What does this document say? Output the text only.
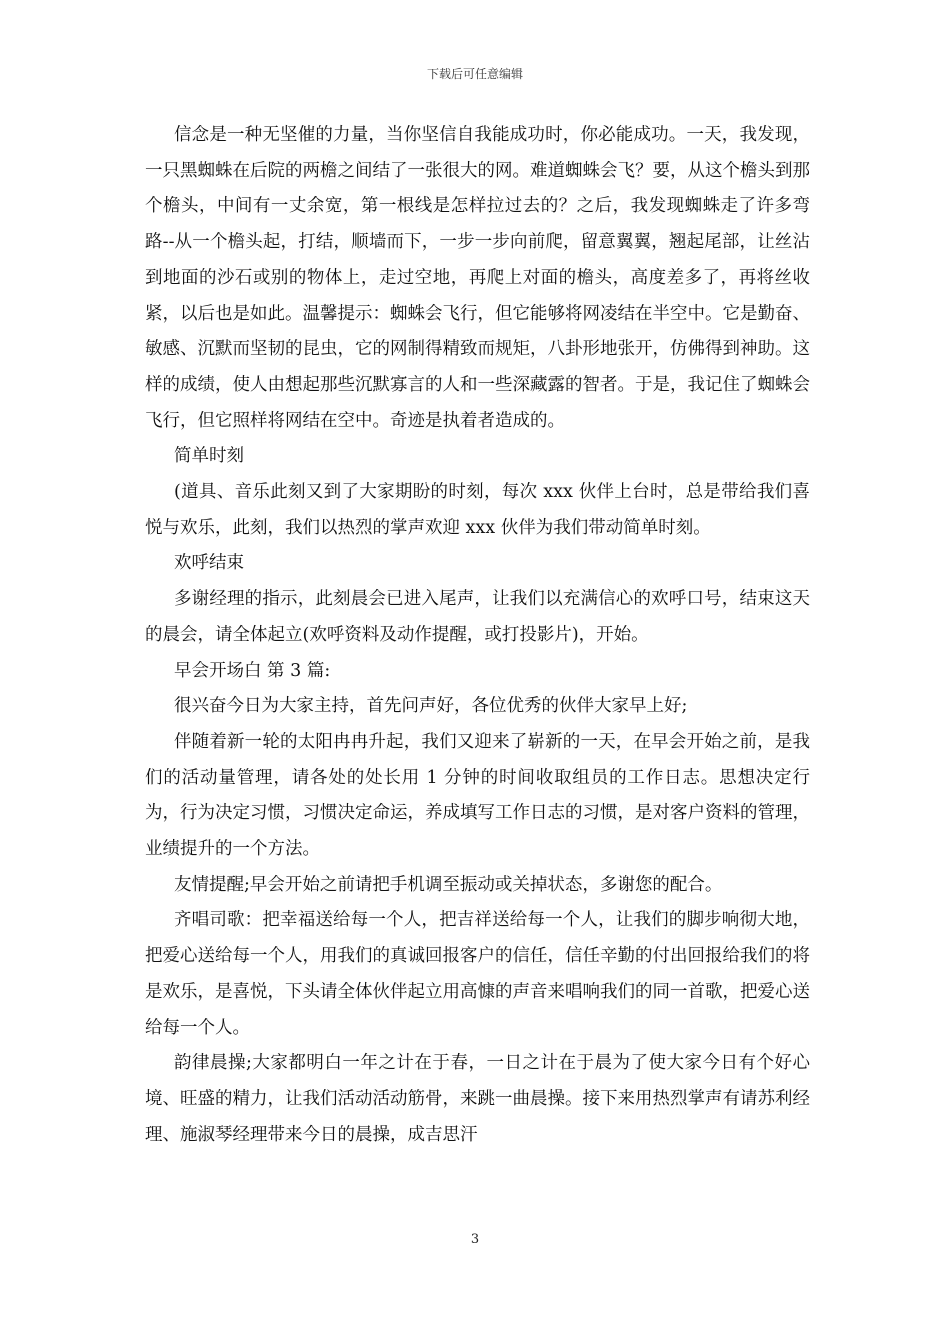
下载后可任意编辑

信念是一种无坚催的力量，当你坚信自我能成功时，你必能成功。一天，我发现，一只黑蜘蛛在后院的两檐之间结了一张很大的网。难道蜘蛛会飞？要，从这个檐头到那个檐头，中间有一丈余宽，第一根线是怎样拉过去的？之后，我发现蜘蛛走了许多弯路--从一个檐头起，打结，顺墙而下，一步一步向前爬，留意翼翼，翘起尾部，让丝沾到地面的沙石或别的物体上，走过空地，再爬上对面的檐头，高度差多了，再将丝收紧，以后也是如此。温馨提示：蜘蛛会飞行，但它能够将网凌结在半空中。它是勤奋、敏感、沉默而坚韧的昆虫，它的网制得精致而规矩，八卦形地张开，仿佛得到神助。这样的成绩，使人由想起那些沉默寡言的人和一些深藏露的智者。于是，我记住了蜘蛛会飞行，但它照样将网结在空中。奇迹是执着者造成的。

简单时刻

(道具、音乐此刻又到了大家期盼的时刻，每次 xxx 伙伴上台时，总是带给我们喜悦与欢乐，此刻，我们以热烈的掌声欢迎 xxx 伙伴为我们带动简单时刻。

欢呼结束

多谢经理的指示，此刻晨会已进入尾声，让我们以充满信心的欢呼口号，结束这天的晨会，请全体起立(欢呼资料及动作提醒，或打投影片)，开始。

早会开场白 第 3 篇:

很兴奋今日为大家主持，首先问声好，各位优秀的伙伴大家早上好;

伴随着新一轮的太阳冉冉升起，我们又迎来了崭新的一天，在早会开始之前，是我们的活动量管理，请各处的处长用 1 分钟的时间收取组员的工作日志。思想决定行为，行为决定习惯，习惯决定命运，养成填写工作日志的习惯，是对客户资料的管理，业绩提升的一个方法。

友情提醒;早会开始之前请把手机调至振动或关掉状态，多谢您的配合。

齐唱司歌：把幸福送给每一个人，把吉祥送给每一个人，让我们的脚步响彻大地，把爱心送给每一个人，用我们的真诚回报客户的信任，信任辛勤的付出回报给我们的将是欢乐，是喜悦，下头请全体伙伴起立用高慷的声音来唱响我们的同一首歌，把爱心送给每一个人。

韵律晨操;大家都明白一年之计在于春，一日之计在于晨为了使大家今日有个好心境、旺盛的精力，让我们活动活动筋骨，来跳一曲晨操。接下来用热烈掌声有请苏利经理、施淑琴经理带来今日的晨操，成吉思汗

3
